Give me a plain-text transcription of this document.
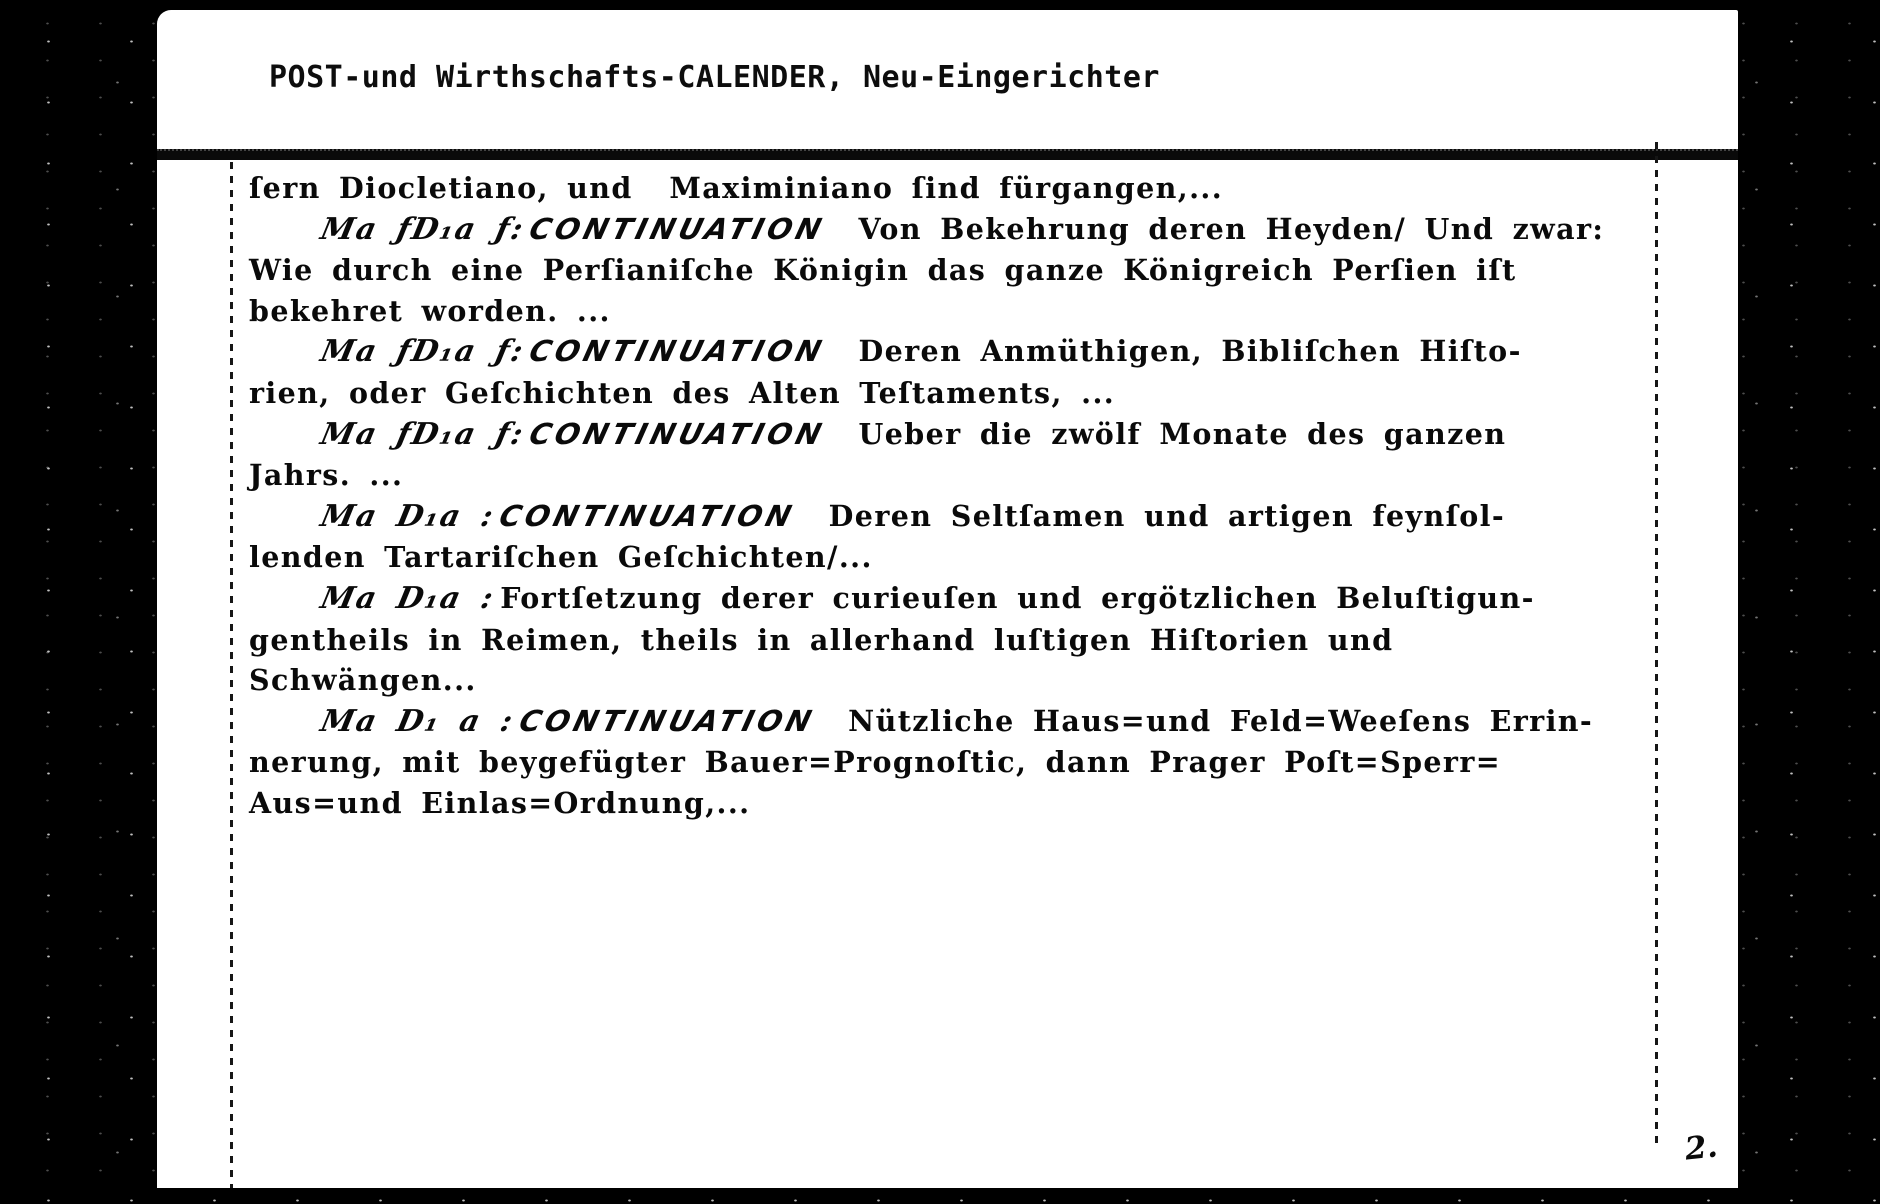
POST-und Wirthschafts-CALENDER, Neu-Eingerichter
ſern Diocletiano, und  Maximiniano ſind fürgangen,...
Ma ƒD₁a ƒ:CONTINUATION Von Bekehrung deren Heyden/ Und zwar:
Wie durch eine Perſianiſche Königin das ganze Königreich Perſien iſt
bekehret worden. ...
Ma ƒD₁a ƒ:CONTINUATION Deren Anmüthigen, Bibliſchen Hiſto-
rien, oder Geſchichten des Alten Teſtaments, ...
Ma ƒD₁a ƒ:CONTINUATION Ueber die zwölf Monate des ganzen
Jahrs. ...
Ma D₁a :CONTINUATION Deren Seltſamen und artigen feynſol-
lenden Tartariſchen Geſchichten/...
Ma D₁a :Fortſetzung derer curieuſen und ergötzlichen Beluſtigun-
gentheils in Reimen, theils in allerhand luſtigen Hiſtorien und
Schwängen...
Ma D₁ a :CONTINUATION Nützliche Haus=und Feld=Weeſens Errin-
nerung, mit beygefügter Bauer=Prognoſtic, dann Prager Poſt=Sperr=
Aus=und Einlas=Ordnung,...
2.
